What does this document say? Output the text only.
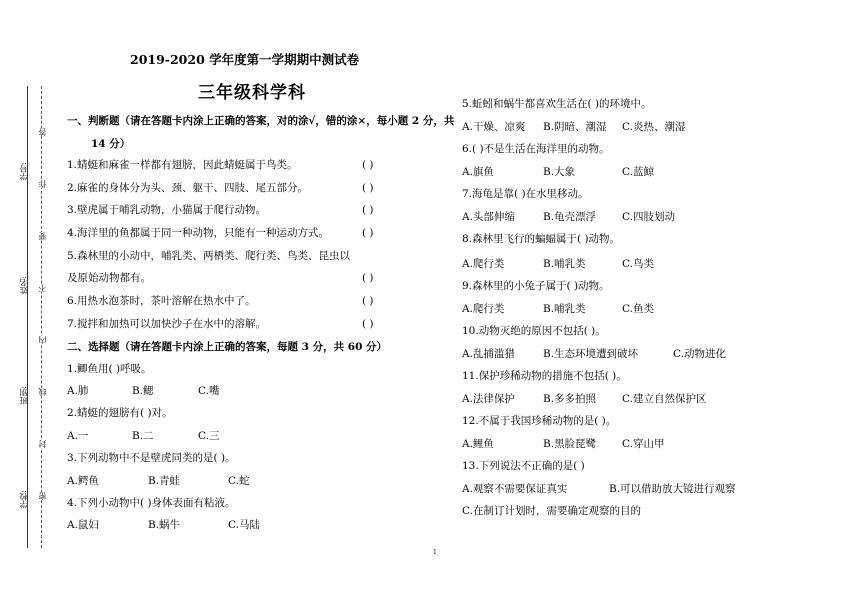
学号:
姓名:
班别:
学校:
答
作
要
不
内
线
封
密
2019-2020 学年度第一学期期中测试卷
三年级科学科
一、判断题（请在答题卡内涂上正确的答案，对的涂√，错的涂×，每小题 2 分，共
14 分）
1.蜻蜓和麻雀一样都有翅膀，因此蜻蜓属于鸟类。	( )
2.麻雀的身体分为头、颈、躯干、四肢、尾五部分。	( )
3.壁虎属于哺乳动物，小猫属于爬行动物。	( )
4.海洋里的鱼都属于同一种动物，只能有一种运动方式。	( )
5.森林里的小动中，哺乳类、两栖类、爬行类、鸟类、昆虫以
及原始动物都有。	( )
6.用热水泡茶时，茶叶溶解在热水中了。	( )
7.搅拌和加热可以加快沙子在水中的溶解。	( )
二、选择题（请在答题卡内涂上正确的答案，每题 3 分，共 60 分）
1.鲫鱼用( )呼吸。
A.肺	B.鳃	C.嘴
2.蜻蜓的翅膀有( )对。
A.一	B.二	C.三
3.下列动物中不是壁虎同类的是( )。
A.鳄鱼	B.青蛙	C.蛇
4.下列小动物中( )身体表面有粘液。
A.鼠妇	B.蜗牛	C.马陆
5.蚯蚓和蜗牛都喜欢生活在( )的环境中。
A.干燥、凉爽 B.阴暗、潮湿 C.炎热、潮湿
6.( )不是生活在海洋里的动物。
A.旗鱼	B.大象	C.蓝鲸
7.海龟是靠( )在水里移动。
A.头部伸缩	B.龟壳漂浮 C.四肢划动
8.森林里飞行的蝙蝠属于( )动物。
A.爬行类	B.哺乳类	C.鸟类
9.森林里的小兔子属于( )动物。
A.爬行类	B.哺乳类	C.鱼类
10.动物灭绝的原因不包括( )。
A.乱捕滥猎	B.生态环境遭到破坏	C.动物进化
11.保护珍稀动物的措施不包括( )。
A.法律保护	B.多多拍照 C.建立自然保护区
12.不属于我国珍稀动物的是( )。
A.鲤鱼	B.黑脸琵鹭 C.穿山甲
13.下列说法不正确的是( )
A.观察不需要保证真实	B.可以借助放大镜进行观察
C.在制订计划时，需要确定观察的目的
1
